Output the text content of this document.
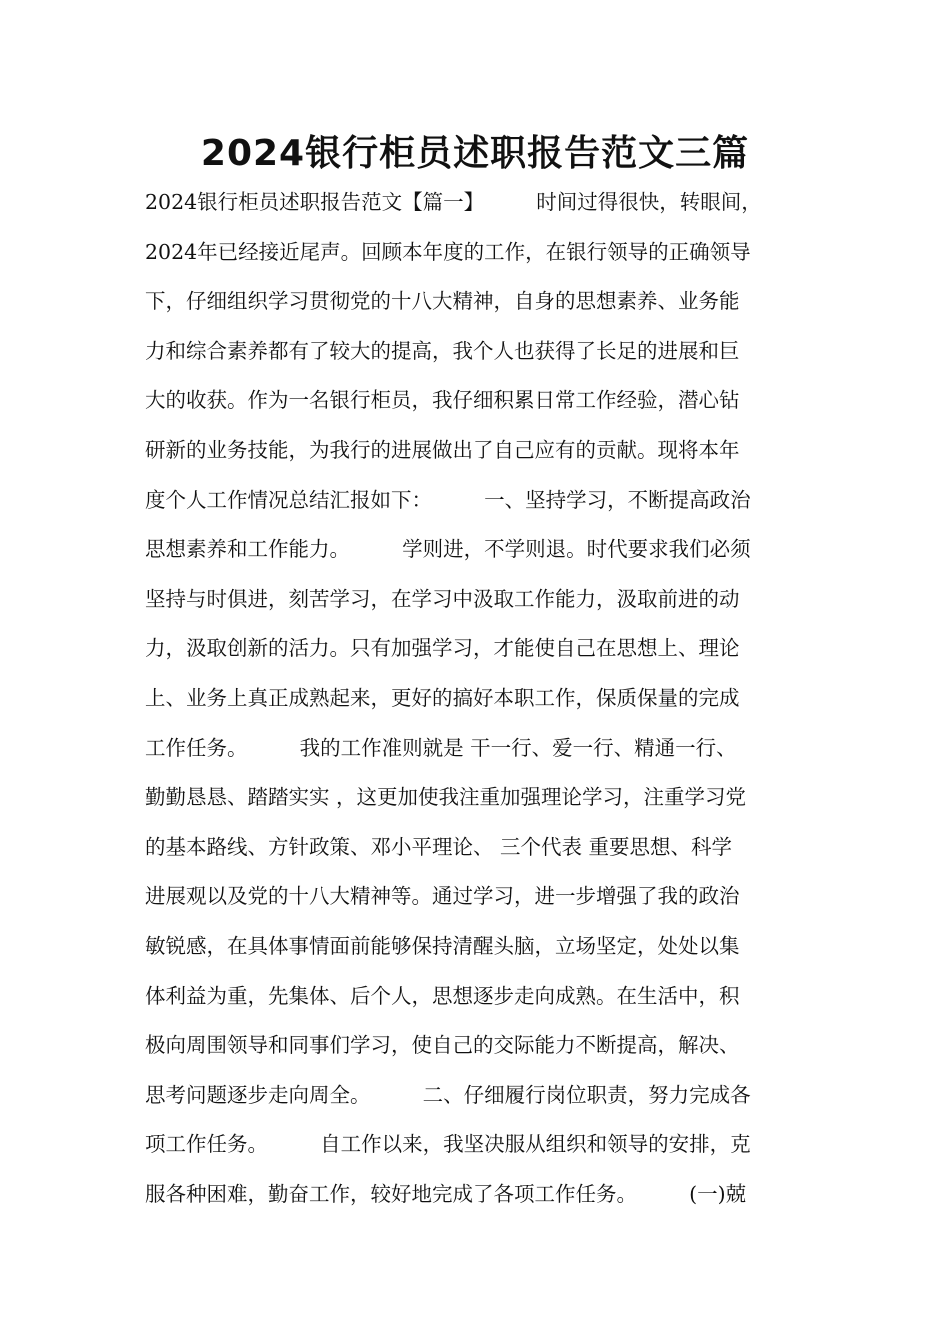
2024银行柜员述职报告范文三篇
2024银行柜员述职报告范文【篇一】        时间过得很快，转眼间，
2024年已经接近尾声。回顾本年度的工作，在银行领导的正确领导
下，仔细组织学习贯彻党的十八大精神，自身的思想素养、业务能
力和综合素养都有了较大的提高，我个人也获得了长足的进展和巨
大的收获。作为一名银行柜员，我仔细积累日常工作经验，潜心钻
研新的业务技能，为我行的进展做出了自己应有的贡献。现将本年
度个人工作情况总结汇报如下：        一、坚持学习，不断提高政治
思想素养和工作能力。        学则进，不学则退。时代要求我们必须
坚持与时俱进，刻苦学习，在学习中汲取工作能力，汲取前进的动
力，汲取创新的活力。只有加强学习，才能使自己在思想上、理论
上、业务上真正成熟起来，更好的搞好本职工作，保质保量的完成
工作任务。        我的工作准则就是 干一行、爱一行、精通一行、
勤勤恳恳、踏踏实实 ，这更加使我注重加强理论学习，注重学习党
的基本路线、方针政策、邓小平理论、 三个代表 重要思想、科学
进展观以及党的十八大精神等。通过学习，进一步增强了我的政治
敏锐感，在具体事情面前能够保持清醒头脑，立场坚定，处处以集
体利益为重，先集体、后个人，思想逐步走向成熟。在生活中，积
极向周围领导和同事们学习，使自己的交际能力不断提高，解决、
思考问题逐步走向周全。        二、仔细履行岗位职责，努力完成各
项工作任务。        自工作以来，我坚决服从组织和领导的安排，克
服各种困难，勤奋工作，较好地完成了各项工作任务。        (一)兢
